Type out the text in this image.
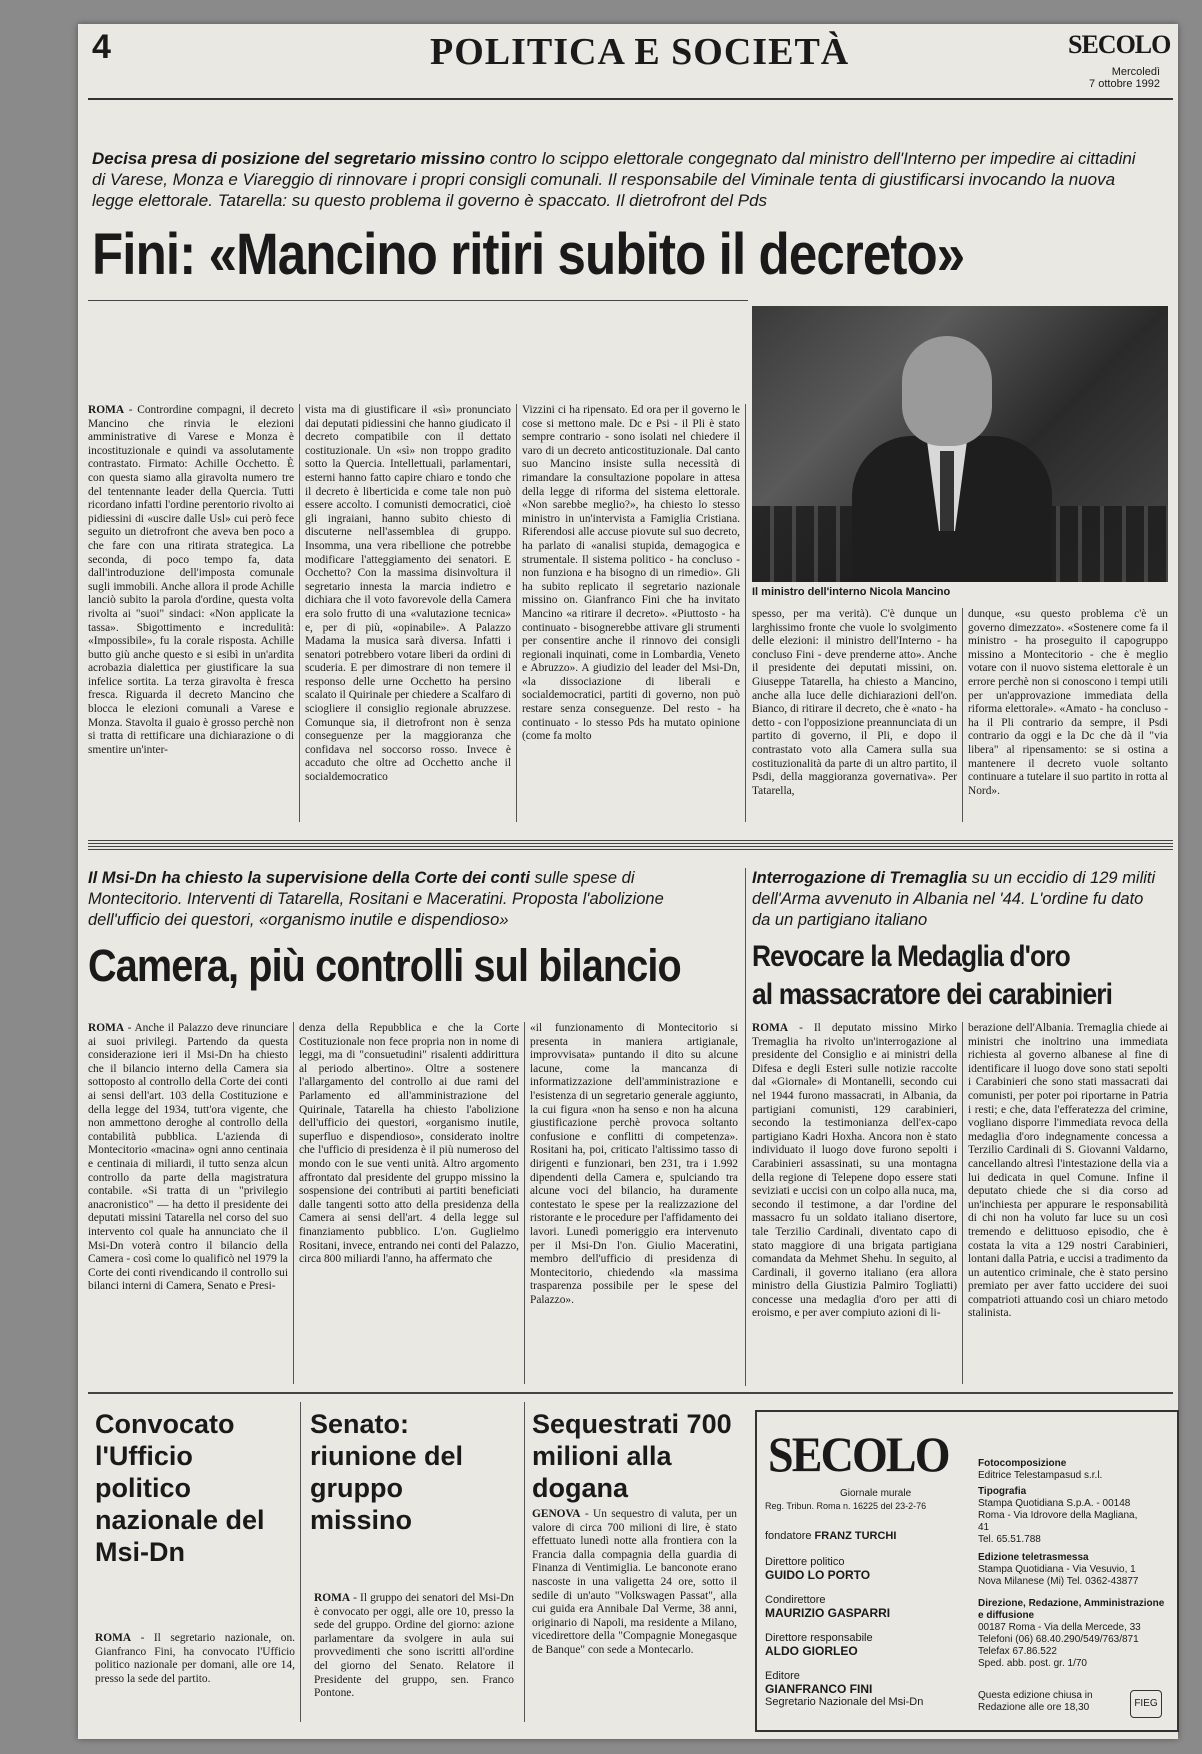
4	POLITICA E SOCIETÀ	SECOLO
Mercoledì
7 ottobre 1992
Decisa presa di posizione del segretario missino contro lo scippo elettorale congegnato dal ministro dell'Interno per impedire ai cittadini di Varese, Monza e Viareggio di rinnovare i propri consigli comunali. Il responsabile del Viminale tenta di giustificarsi invocando la nuova legge elettorale. Tatarella: su questo problema il governo è spaccato. Il dietrofront del Pds
Fini: «Mancino ritiri subito il decreto»
ROMA - Contrordine compagni, il decreto Mancino che rinvia le elezioni amministrative di Varese e Monza è incostituzionale e quindi va assolutamente contrastato. Firmato: Achille Occhetto. È con questa siamo alla giravolta numero tre del tentennante leader della Quercia. Tutti ricordano infatti l'ordine perentorio rivolto ai pidiessini di «uscire dalle Usl» cui però fece seguito un dietrofront che aveva ben poco a che fare con una ritirata strategica. La seconda, di poco tempo fa, data dall'introduzione dell'imposta comunale sugli immobili. Anche allora il prode Achille lanciò subito la parola d'ordine, questa volta rivolta ai "suoi" sindaci: «Non applicate la tassa». Sbigottimento e incredulità: «Impossibile», fu la corale risposta. Achille butto giù anche questo e si esibì in un'ardita acrobazia dialettica per giustificare la sua infelice sortita. La terza giravolta è fresca fresca. Riguarda il decreto Mancino che blocca le elezioni comunali a Varese e Monza. Stavolta il guaio è grosso perchè non si tratta di rettificare una dichiarazione o di smentire un'inter-
vista ma di giustificare il «sì» pronunciato dai deputati pidiessini che hanno giudicato il decreto compatibile con il dettato costituzionale. Un «sì» non troppo gradito sotto la Quercia. Intellettuali, parlamentari, esterni hanno fatto capire chiaro e tondo che il decreto è liberticida e come tale non può essere accolto. I comunisti democratici, cioè gli ingraiani, hanno subito chiesto di discuterne nell'assemblea di gruppo. Insomma, una vera ribellione che potrebbe modificare l'atteggiamento dei senatori. E Occhetto? Con la massima disinvoltura il segretario innesta la marcia indietro e dichiara che il voto favorevole della Camera era solo frutto di una «valutazione tecnica» e, per di più, «opinabile». A Palazzo Madama la musica sarà diversa. Infatti i senatori potrebbero votare liberi da ordini di scuderia. E per dimostrare di non temere il responso delle urne Occhetto ha persino scalato il Quirinale per chiedere a Scalfaro di sciogliere il consiglio regionale abruzzese. Comunque sia, il dietrofront non è senza conseguenze per la maggioranza che confidava nel soccorso rosso. Invece è accaduto che oltre ad Occhetto anche il socialdemocratico
Vizzini ci ha ripensato. Ed ora per il governo le cose si mettono male. Dc e Psi - il Pli è stato sempre contrario - sono isolati nel chiedere il varo di un decreto anticostituzionale. Dal canto suo Mancino insiste sulla necessità di rimandare la consultazione popolare in attesa della legge di riforma del sistema elettorale. «Non sarebbe meglio?», ha chiesto lo stesso ministro in un'intervista a Famiglia Cristiana. Riferendosi alle accuse piovute sul suo decreto, ha parlato di «analisi stupida, demagogica e strumentale. Il sistema politico - ha concluso - non funziona e ha bisogno di un rimedio». Gli ha subito replicato il segretario nazionale missino on. Gianfranco Fini che ha invitato Mancino «a ritirare il decreto». «Piuttosto - ha continuato - bisognerebbe attivare gli strumenti per consentire anche il rinnovo dei consigli regionali inquinati, come in Lombardia, Veneto e Abruzzo». A giudizio del leader del Msi-Dn, «la dissociazione di liberali e socialdemocratici, partiti di governo, non può restare senza conseguenze. Del resto - ha continuato - lo stesso Pds ha mutato opinione (come fa molto
Il ministro dell'interno Nicola Mancino
spesso, per ma verità). C'è dunque un larghissimo fronte che vuole lo svolgimento delle elezioni: il ministro dell'Interno - ha concluso Fini - deve prenderne atto». Anche il presidente dei deputati missini, on. Giuseppe Tatarella, ha chiesto a Mancino, anche alla luce delle dichiarazioni dell'on. Bianco, di ritirare il decreto, che è «nato - ha detto - con l'opposizione preannunciata di un partito di governo, il Pli, e dopo il contrastato voto alla Camera sulla sua costituzionalità da parte di un altro partito, il Psdi, della maggioranza governativa». Per Tatarella,
dunque, «su questo problema c'è un governo dimezzato». «Sostenere come fa il ministro - ha proseguito il capogruppo missino a Montecitorio - che è meglio votare con il nuovo sistema elettorale è un errore perchè non si conoscono i tempi utili per un'approvazione immediata della riforma elettorale». «Amato - ha concluso - ha il Pli contrario da sempre, il Psdi contrario da oggi e la Dc che dà il "via libera" al ripensamento: se si ostina a mantenere il decreto vuole soltanto continuare a tutelare il suo partito in rotta al Nord».
Il Msi-Dn ha chiesto la supervisione della Corte dei conti sulle spese di Montecitorio. Interventi di Tatarella, Rositani e Maceratini. Proposta l'abolizione dell'ufficio dei questori, «organismo inutile e dispendioso»
Camera, più controlli sul bilancio
ROMA - Anche il Palazzo deve rinunciare ai suoi privilegi. Partendo da questa considerazione ieri il Msi-Dn ha chiesto che il bilancio interno della Camera sia sottoposto al controllo della Corte dei conti ai sensi dell'art. 103 della Costituzione e della legge del 1934, tutt'ora vigente, che non ammettono deroghe al controllo della contabilità pubblica. L'azienda di Montecitorio «macina» ogni anno centinaia e centinaia di miliardi, il tutto senza alcun controllo da parte della magistratura contabile. «Si tratta di un "privilegio anacronistico" — ha detto il presidente dei deputati missini Tatarella nel corso del suo intervento col quale ha annunciato che il Msi-Dn voterà contro il bilancio della Camera - così come lo qualificò nel 1979 la Corte dei conti rivendicando il controllo sui bilanci interni di Camera, Senato e Presi-
denza della Repubblica e che la Corte Costituzionale non fece propria non in nome di leggi, ma di "consuetudini" risalenti addirittura al periodo albertino». Oltre a sostenere l'allargamento del controllo ai due rami del Parlamento ed all'amministrazione del Quirinale, Tatarella ha chiesto l'abolizione dell'ufficio dei questori, «organismo inutile, superfluo e dispendioso», considerato inoltre che l'ufficio di presidenza è il più numeroso del mondo con le sue venti unità. Altro argomento affrontato dal presidente del gruppo missino la sospensione dei contributi ai partiti beneficiati dalle tangenti sotto atto della presidenza della Camera ai sensi dell'art. 4 della legge sul finanziamento pubblico. L'on. Guglielmo Rositani, invece, entrando nei conti del Palazzo, circa 800 miliardi l'anno, ha affermato che
«il funzionamento di Montecitorio si presenta in maniera artigianale, improvvisata» puntando il dito su alcune lacune, come la mancanza di informatizzazione dell'amministrazione e l'esistenza di un segretario generale aggiunto, la cui figura «non ha senso e non ha alcuna giustificazione perchè provoca soltanto confusione e conflitti di competenza». Rositani ha, poi, criticato l'altissimo tasso di dirigenti e funzionari, ben 231, tra i 1.992 dipendenti della Camera e, spulciando tra alcune voci del bilancio, ha duramente contestato le spese per la realizzazione del ristorante e le procedure per l'affidamento dei lavori. Lunedì pomeriggio era intervenuto per il Msi-Dn l'on. Giulio Maceratini, membro dell'ufficio di presidenza di Montecitorio, chiedendo «la massima trasparenza possibile per le spese del Palazzo».
Interrogazione di Tremaglia su un eccidio di 129 militi dell'Arma avvenuto in Albania nel '44. L'ordine fu dato da un partigiano italiano
Revocare la Medaglia d'oro
al massacratore dei carabinieri
ROMA - Il deputato missino Mirko Tremaglia ha rivolto un'interrogazione al presidente del Consiglio e ai ministri della Difesa e degli Esteri sulle notizie raccolte dal «Giornale» di Montanelli, secondo cui nel 1944 furono massacrati, in Albania, da partigiani comunisti, 129 carabinieri, secondo la testimonianza dell'ex-capo partigiano Kadri Hoxha. Ancora non è stato individuato il luogo dove furono sepolti i Carabinieri assassinati, su una montagna della regione di Telepene dopo essere stati seviziati e uccisi con un colpo alla nuca, ma, secondo il testimone, a dar l'ordine del massacro fu un soldato italiano disertore, tale Terzilio Cardinali, diventato capo di stato maggiore di una brigata partigiana comandata da Mehmet Shehu. In seguito, al Cardinali, il governo italiano (era allora ministro della Giustizia Palmiro Togliatti) concesse una medaglia d'oro per atti di eroismo, e per aver compiuto azioni di li-
berazione dell'Albania. Tremaglia chiede ai ministri che inoltrino una immediata richiesta al governo albanese al fine di identificare il luogo dove sono stati sepolti i Carabinieri che sono stati massacrati dai comunisti, per poter poi riportarne in Patria i resti; e che, data l'efferatezza del crimine, vogliano disporre l'immediata revoca della medaglia d'oro indegnamente concessa a Terzilio Cardinali di S. Giovanni Valdarno, cancellando altresì l'intestazione della via a lui dedicata in quel Comune. Infine il deputato chiede che si dia corso ad un'inchiesta per appurare le responsabilità di chi non ha voluto far luce su un così tremendo e delittuoso episodio, che è costata la vita a 129 nostri Carabinieri, lontani dalla Patria, e uccisi a tradimento da un autentico criminale, che è stato persino premiato per aver fatto uccidere dei suoi compatrioti attuando così un chiaro metodo stalinista.
Convocato l'Ufficio politico nazionale del Msi-Dn
ROMA - Il segretario nazionale, on. Gianfranco Fini, ha convocato l'Ufficio politico nazionale per domani, alle ore 14, presso la sede del partito.
Senato: riunione del gruppo missino
ROMA - Il gruppo dei senatori del Msi-Dn è convocato per oggi, alle ore 10, presso la sede del gruppo. Ordine del giorno: azione parlamentare da svolgere in aula sui provvedimenti che sono iscritti all'ordine del giorno del Senato. Relatore il Presidente del gruppo, sen. Franco Pontone.
Sequestrati 700 milioni alla dogana
GENOVA - Un sequestro di valuta, per un valore di circa 700 milioni di lire, è stato effettuato lunedì notte alla frontiera con la Francia dalla compagnia della guardia di Finanza di Ventimiglia. Le banconote erano nascoste in una valigetta 24 ore, sotto il sedile di un'auto "Volkswagen Passat", alla cui guida era Annibale Dal Verme, 38 anni, originario di Napoli, ma residente a Milano, vicedirettore della "Compagnie Monegasque de Banque" con sede a Montecarlo.
SECOLO
Giornale murale
Reg. Tribun. Roma n. 16225 del 23-2-76
fondatore FRANZ TURCHI
Direttore politico
GUIDO LO PORTO
Condirettore
MAURIZIO GASPARRI
Direttore responsabile
ALDO GIORLEO
Editore
GIANFRANCO FINI
Segretario Nazionale del Msi-Dn
Fotocomposizione
Editrice Telestampasud s.r.l.
Tipografia
Stampa Quotidiana S.p.A. - 00148
Roma - Via Idrovore della Magliana,
41
Tel. 65.51.788
Edizione teletrasmessa
Stampa Quotidiana - Via Vesuvio, 1
Nova Milanese (Mi) Tel. 0362-43877
Direzione, Redazione, Amministrazione e diffusione
00187 Roma - Via della Mercede, 33
Telefoni (06) 68.40.290/549/763/871
Telefax 67.86.522
Sped. abb. post. gr. 1/70
Questa edizione chiusa in
Redazione alle ore 18,30	FIEG
